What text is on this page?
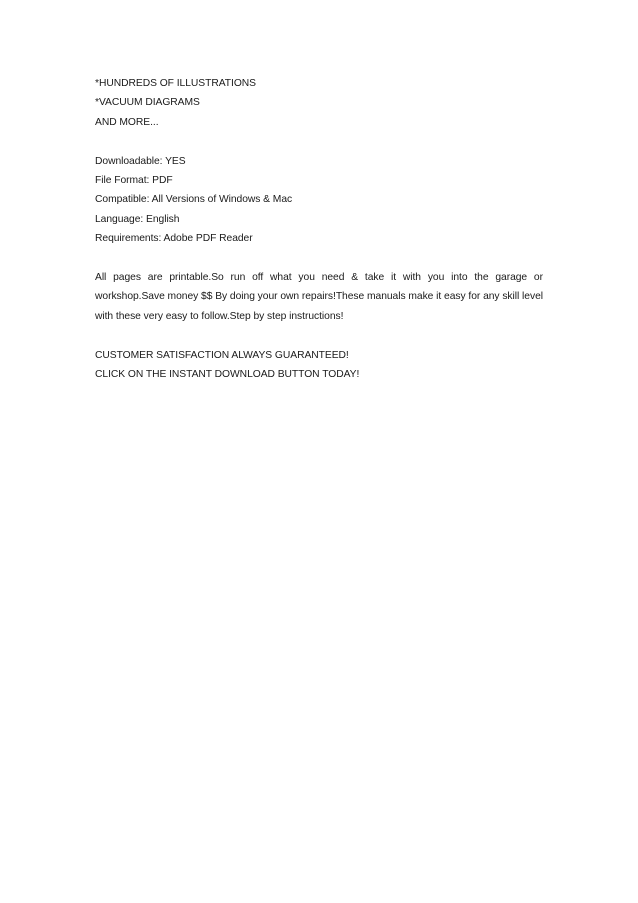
*HUNDREDS OF ILLUSTRATIONS
*VACUUM DIAGRAMS
AND MORE...
Downloadable: YES
File Format: PDF
Compatible: All Versions of Windows & Mac
Language: English
Requirements: Adobe PDF Reader

All pages are printable.So run off what you need & take it with you into the garage or workshop.Save money $$ By doing your own repairs!These manuals make it easy for any skill level with these very easy to follow.Step by step instructions!

CUSTOMER SATISFACTION ALWAYS GUARANTEED!
CLICK ON THE INSTANT DOWNLOAD BUTTON TODAY!
